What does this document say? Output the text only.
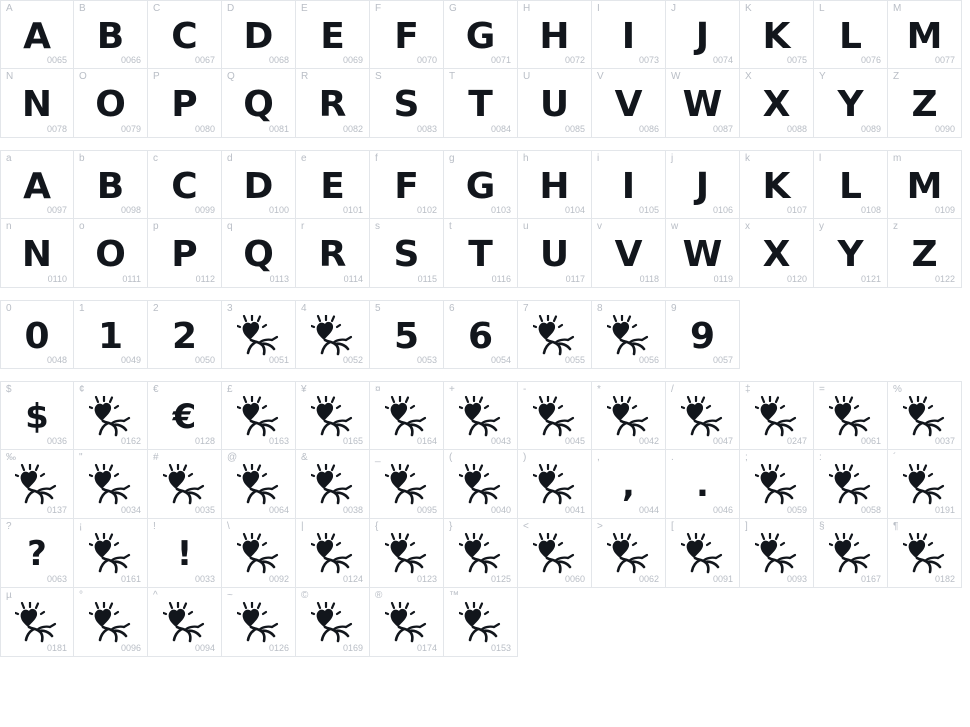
A
A
0065
B
B
0066
C
C
0067
D
D
0068
E
E
0069
F
F
0070
G
G
0071
H
H
0072
I
I
0073
J
J
0074
K
K
0075
L
L
0076
M
M
0077
N
N
0078
O
O
0079
P
P
0080
Q
Q
0081
R
R
0082
S
S
0083
T
T
0084
U
U
0085
V
V
0086
W
W
0087
X
X
0088
Y
Y
0089
Z
Z
0090
a
A
0097
b
B
0098
c
C
0099
d
D
0100
e
E
0101
f
F
0102
g
G
0103
h
H
0104
i
I
0105
j
J
0106
k
K
0107
l
L
0108
m
M
0109
n
N
0110
o
O
0111
p
P
0112
q
Q
0113
r
R
0114
s
S
0115
t
T
0116
u
U
0117
v
V
0118
w
W
0119
x
X
0120
y
Y
0121
z
Z
0122
0
0
0048
1
1
0049
2
2
0050
3
0051
4
0052
5
5
0053
6
6
0054
7
0055
8
0056
9
9
0057
$
$
0036
¢
0162
€
€
0128
£
0163
¥
0165
¤
0164
+
0043
-
0045
*
0042
/
0047
‡
0247
=
0061
%
0037
‰
0137
"
0034
#
0035
@
0064
&
0038
_
0095
(
0040
)
0041
,
,
0044
.
.
0046
;
0059
:
0058
´
0191
?
?
0063
¡
0161
!
!
0033
\
0092
|
0124
{
0123
}
0125
<
0060
>
0062
[
0091
]
0093
§
0167
¶
0182
µ
0181
°
0096
^
0094
~
0126
©
0169
®
0174
™
0153
